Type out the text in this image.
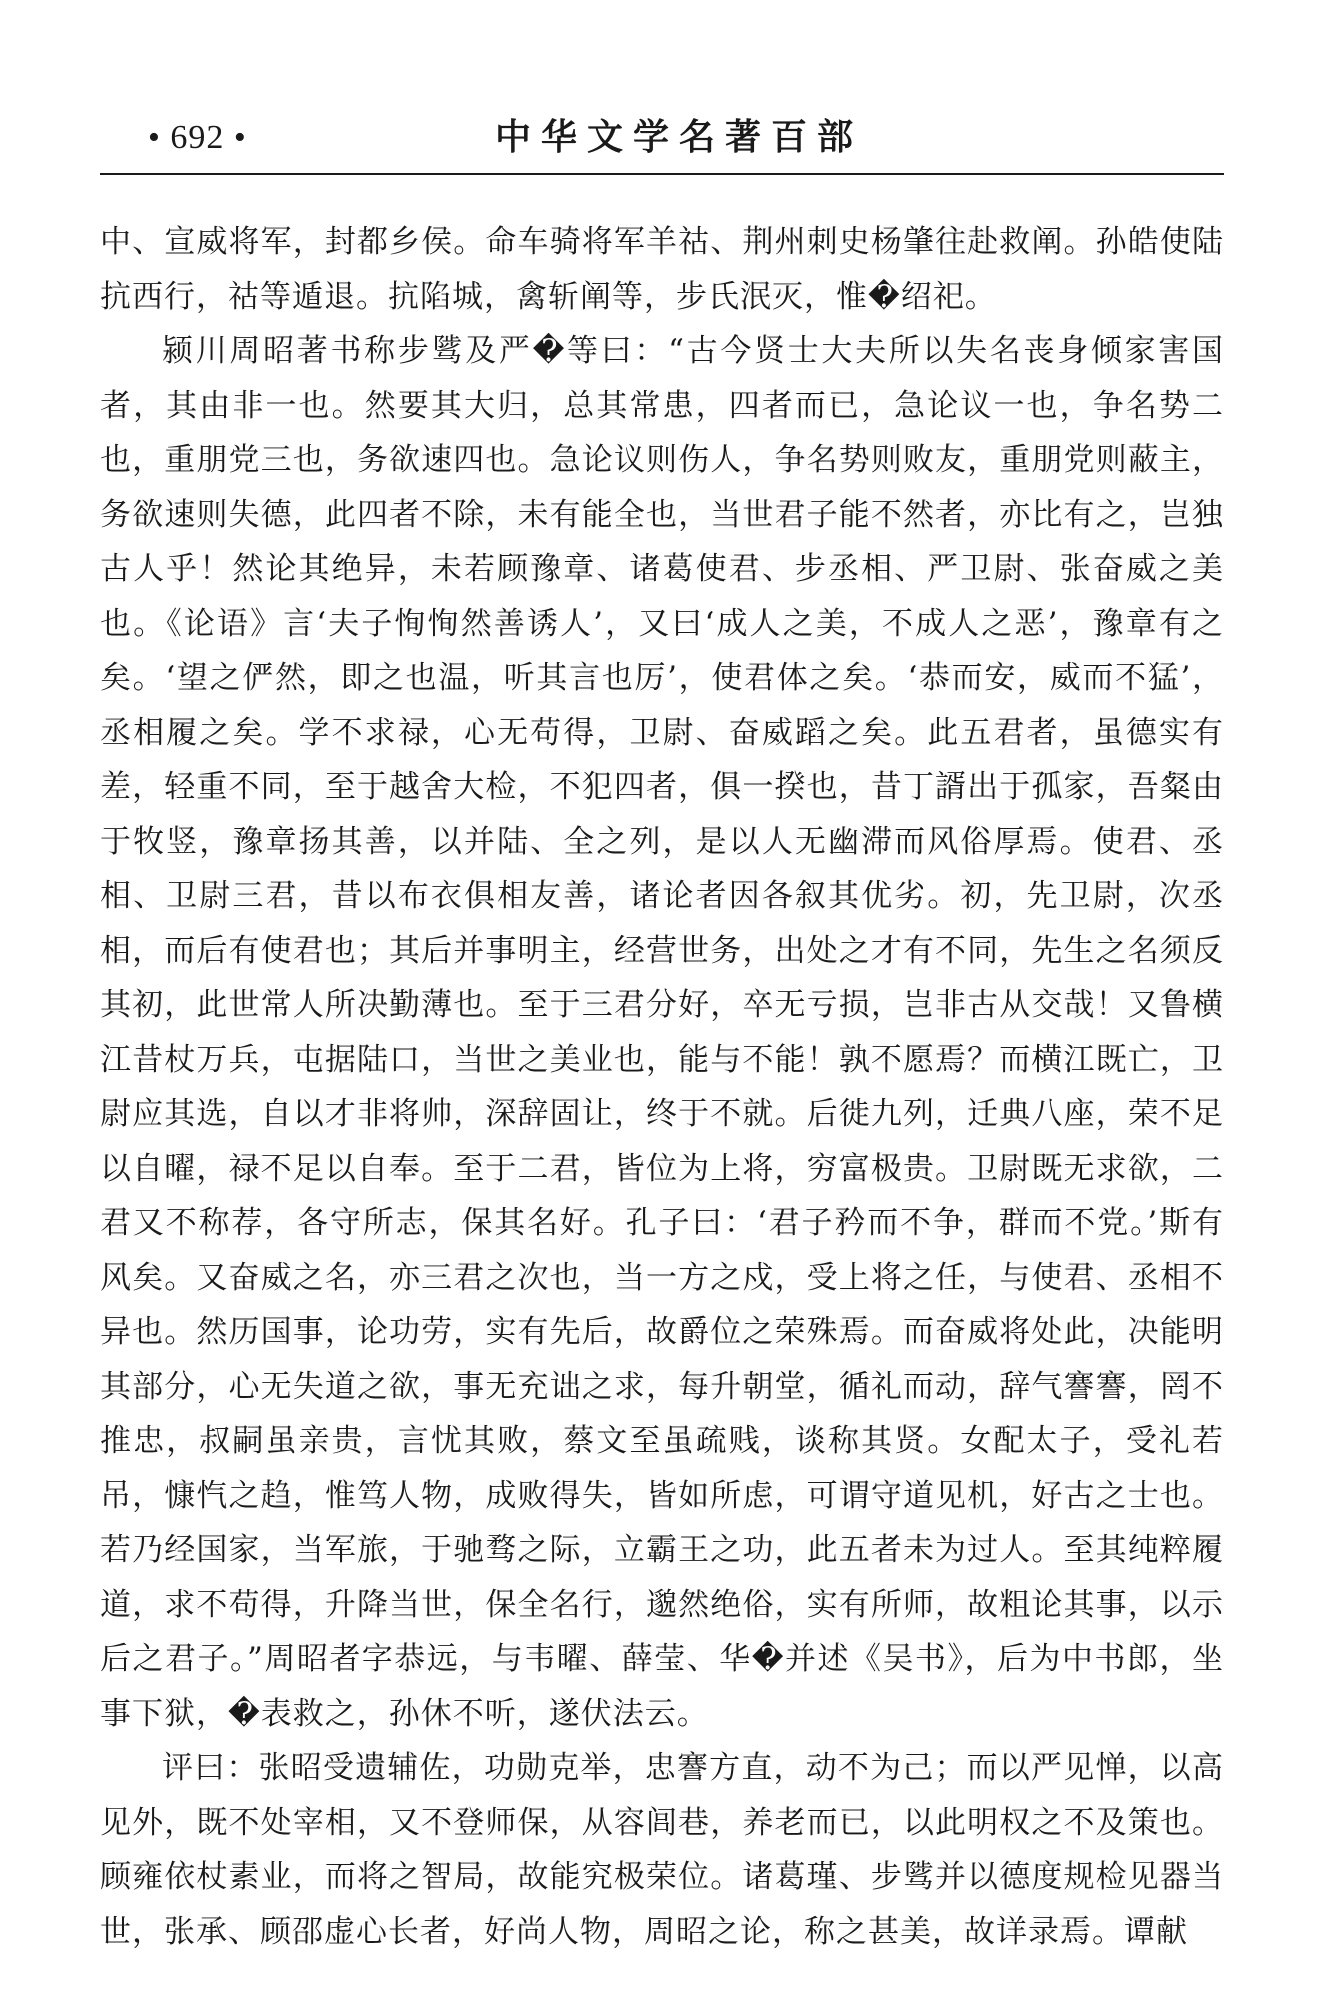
• 692 •	中华文学名著百部

中、宣威将军，封都乡侯。命车骑将军羊祜、荆州刺史杨肇往赴救阐。孙皓使陆抗西行，祜等遁退。抗陷城，禽斩阐等，步氏泯灭，惟�绍祀。

颍川周昭著书称步骘及严�等曰：“古今贤士大夫所以失名丧身倾家害国者，其由非一也。然要其大归，总其常患，四者而已，急论议一也，争名势二也，重朋党三也，务欲速四也。急论议则伤人，争名势则败友，重朋党则蔽主，务欲速则失德，此四者不除，未有能全也，当世君子能不然者，亦比有之，岂独古人乎！然论其绝异，未若顾豫章、诸葛使君、步丞相、严卫尉、张奋威之美也。《论语》言‘夫子恂恂然善诱人’，又曰‘成人之美，不成人之恶’，豫章有之矣。‘望之俨然，即之也温，听其言也厉’，使君体之矣。‘恭而安，威而不猛’，丞相履之矣。学不求禄，心无苟得，卫尉、奋威蹈之矣。此五君者，虽德实有差，轻重不同，至于越舍大检，不犯四者，俱一揆也，昔丁諝出于孤家，吾粲由于牧竖，豫章扬其善，以并陆、全之列，是以人无幽滞而风俗厚焉。使君、丞相、卫尉三君，昔以布衣俱相友善，诸论者因各叙其优劣。初，先卫尉，次丞相，而后有使君也；其后并事明主，经营世务，出处之才有不同，先生之名须反其初，此世常人所决勤薄也。至于三君分好，卒无亏损，岂非古从交哉！又鲁横江昔杖万兵，屯据陆口，当世之美业也，能与不能！孰不愿焉？而横江既亡，卫尉应其选，自以才非将帅，深辞固让，终于不就。后徙九列，迁典八座，荣不足以自曜，禄不足以自奉。至于二君，皆位为上将，穷富极贵。卫尉既无求欲，二君又不称荐，各守所志，保其名好。孔子曰：‘君子矜而不争，群而不党。’斯有风矣。又奋威之名，亦三君之次也，当一方之戍，受上将之任，与使君、丞相不异也。然历国事，论功劳，实有先后，故爵位之荣殊焉。而奋威将处此，决能明其部分，心无失道之欲，事无充诎之求，每升朝堂，循礼而动，辞气謇謇，罔不推忠，叔嗣虽亲贵，言忧其败，蔡文至虽疏贱，谈称其贤。女配太子，受礼若吊，慷忾之趋，惟笃人物，成败得失，皆如所虑，可谓守道见机，好古之士也。若乃经国家，当军旅，于驰骛之际，立霸王之功，此五者未为过人。至其纯粹履道，求不苟得，升降当世，保全名行，邈然绝俗，实有所师，故粗论其事，以示后之君子。”周昭者字恭远，与韦曜、薛莹、华�并述《吴书》，后为中书郎，坐事下狱，�表救之，孙休不听，遂伏法云。

评曰：张昭受遗辅佐，功勋克举，忠謇方直，动不为己；而以严见惮，以高见外，既不处宰相，又不登师保，从容闾巷，养老而已，以此明权之不及策也。顾雍依杖素业，而将之智局，故能究极荣位。诸葛瑾、步骘并以德度规检见器当世，张承、顾邵虚心长者，好尚人物，周昭之论，称之甚美，故详录焉。谭献
